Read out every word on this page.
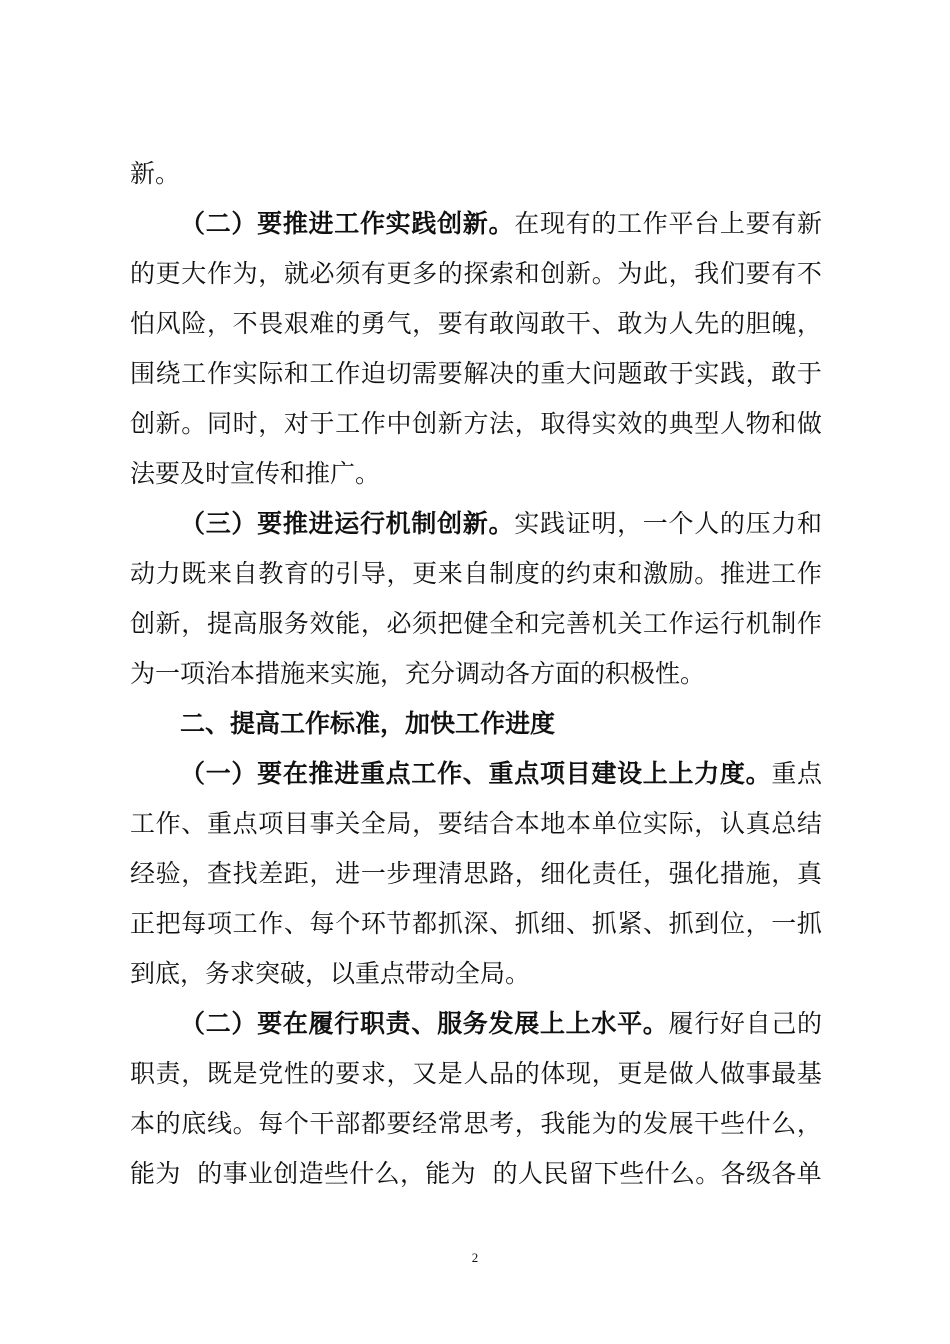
新。
（二）要推进工作实践创新。在现有的工作平台上要有新
的更大作为，就必须有更多的探索和创新。为此，我们要有不
怕风险，不畏艰难的勇气，要有敢闯敢干、敢为人先的胆魄，
围绕工作实际和工作迫切需要解决的重大问题敢于实践，敢于
创新。同时，对于工作中创新方法，取得实效的典型人物和做
法要及时宣传和推广。
（三）要推进运行机制创新。实践证明，一个人的压力和
动力既来自教育的引导，更来自制度的约束和激励。推进工作
创新，提高服务效能，必须把健全和完善机关工作运行机制作
为一项治本措施来实施，充分调动各方面的积极性。
二、提高工作标准，加快工作进度
（一）要在推进重点工作、重点项目建设上上力度。重点
工作、重点项目事关全局，要结合本地本单位实际，认真总结
经验，查找差距，进一步理清思路，细化责任，强化措施，真
正把每项工作、每个环节都抓深、抓细、抓紧、抓到位，一抓
到底，务求突破，以重点带动全局。
（二）要在履行职责、服务发展上上水平。履行好自己的
职责，既是党性的要求，又是人品的体现，更是做人做事最基
本的底线。每个干部都要经常思考，我能为的发展干些什么，
能为  的事业创造些什么，能为  的人民留下些什么。各级各单
2
